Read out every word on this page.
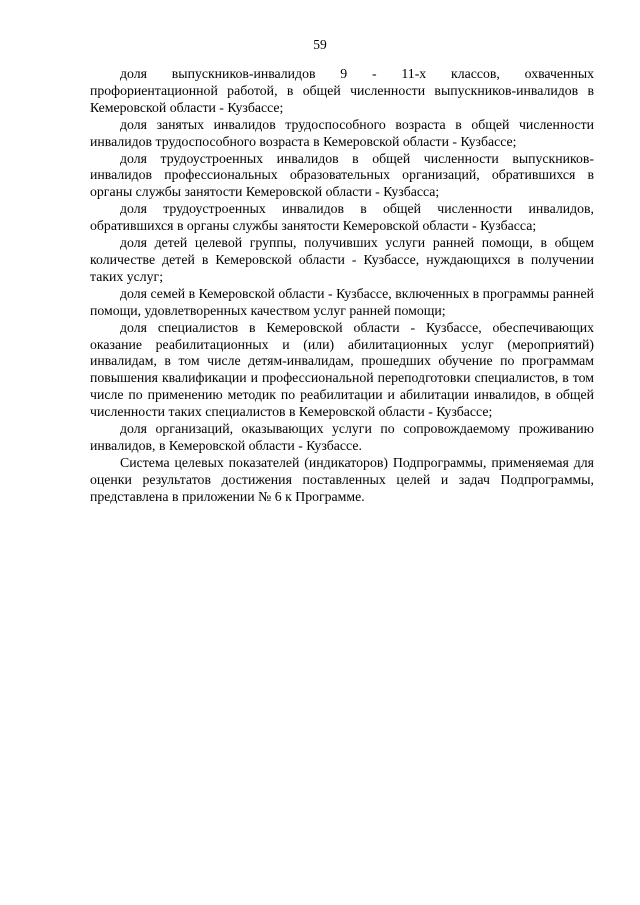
59

доля выпускников-инвалидов 9 - 11-х классов, охваченных профориентационной работой, в общей численности выпускников-инвалидов в Кемеровской области - Кузбассе;

доля занятых инвалидов трудоспособного возраста в общей численности инвалидов трудоспособного возраста в Кемеровской области - Кузбассе;

доля трудоустроенных инвалидов в общей численности выпускников-инвалидов профессиональных образовательных организаций, обратившихся в органы службы занятости Кемеровской области - Кузбасса;

доля трудоустроенных инвалидов в общей численности инвалидов, обратившихся в органы службы занятости Кемеровской области - Кузбасса;

доля детей целевой группы, получивших услуги ранней помощи, в общем количестве детей в Кемеровской области - Кузбассе, нуждающихся в получении таких услуг;

доля семей в Кемеровской области - Кузбассе, включенных в программы ранней помощи, удовлетворенных качеством услуг ранней помощи;

доля специалистов в Кемеровской области - Кузбассе, обеспечивающих оказание реабилитационных и (или) абилитационных услуг (мероприятий) инвалидам, в том числе детям-инвалидам, прошедших обучение по программам повышения квалификации и профессиональной переподготовки специалистов, в том числе по применению методик по реабилитации и абилитации инвалидов, в общей численности таких специалистов в Кемеровской области - Кузбассе;

доля организаций, оказывающих услуги по сопровождаемому проживанию инвалидов, в Кемеровской области - Кузбассе.

Система целевых показателей (индикаторов) Подпрограммы, применяемая для оценки результатов достижения поставленных целей и задач Подпрограммы, представлена в приложении № 6 к Программе.
